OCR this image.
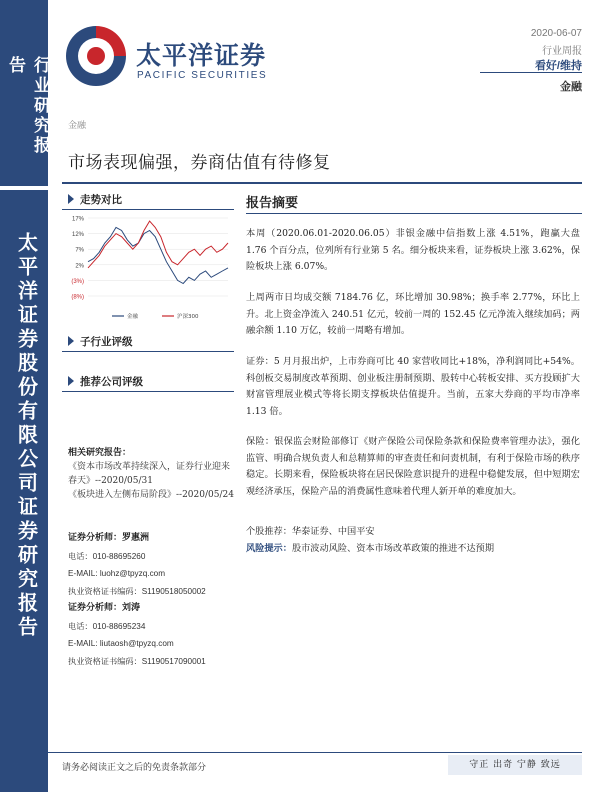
行业研究报告
太平洋证券股份有限公司证券研究报告
太平洋证券
PACIFIC SECURITIES
2020-06-07
行业周报
看好/维持
金融
金融
市场表现偏强，券商估值有待修复
走势对比
17%
12%
7%
2%
(3%)
(8%)
金融	沪深300
子行业评级
推荐公司评级
相关研究报告：
《资本市场改革持续深入，证券行业迎来春天》--2020/05/31
《板块进入左侧布局阶段》--2020/05/24
证券分析师：罗惠洲
电话：010-88695260
E-MAIL: luohz@tpyzq.com
执业资格证书编码：S1190518050002
证券分析师：刘涛
电话：010-88695234
E-MAIL: liutaosh@tpyzq.com
执业资格证书编码：S1190517090001
报告摘要
本周（2020.06.01-2020.06.05）非银金融中信指数上涨 4.51%，跑赢大盘 1.76 个百分点，位列所有行业第 5 名。细分板块来看，证券板块上涨 3.62%，保险板块上涨 6.07%。
上周两市日均成交额 7184.76 亿，环比增加 30.98%；换手率 2.77%，环比上升。北上资金净流入 240.51 亿元，较前一周的 152.45 亿元净流入继续加码；两融余额 1.10 万亿，较前一周略有增加。
证券：5 月月报出炉，上市券商可比 40 家营收同比+18%，净利润同比+54%。科创板交易制度改革预期、创业板注册制预期、股转中心转板安排、买方投顾扩大财富管理展业模式等将长期支撑板块估值提升。当前，五家大券商的平均市净率 1.13 倍。
保险：银保监会财险部修订《财产保险公司保险条款和保险费率管理办法》，强化监管、明确合规负责人和总精算师的审查责任和问责机制，有利于保险市场的秩序稳定。长期来看，保险板块将在居民保险意识提升的进程中稳健发展，但中短期宏观经济承压，保险产品的消费属性意味着代理人新开单的难度加大。
个股推荐：华泰证券、中国平安
风险提示：股市波动风险、资本市场改革政策的推进不达预期
请务必阅读正文之后的免责条款部分	守正 出奇 宁静 致远
